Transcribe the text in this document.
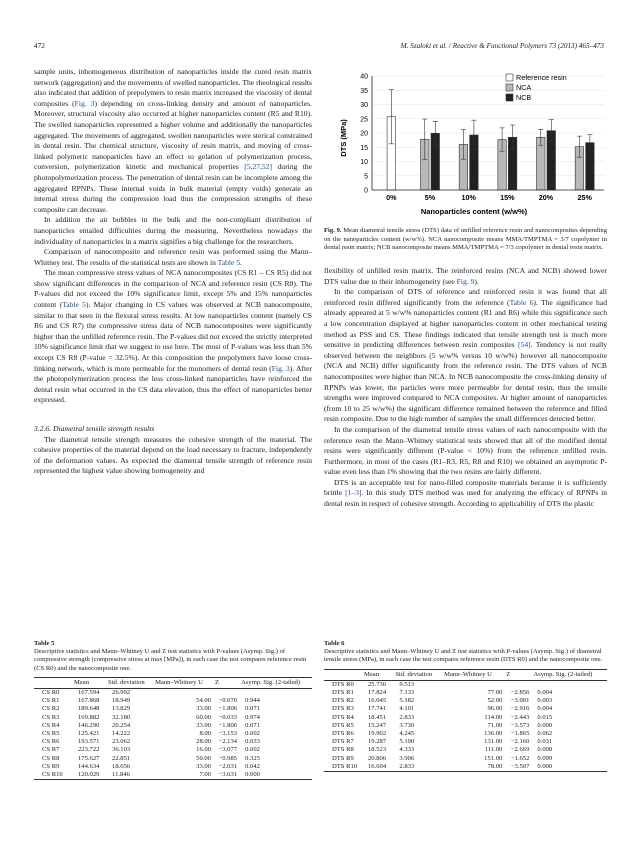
472	M. Szaloki et al. / Reactive & Functional Polymers 73 (2013) 465–473

sample units, inhomogeneous distribution of nanoparticles inside the cured resin matrix network (aggregation) and the movements of swelled nanoparticles. The rheological results also indicated that addition of prepolymers to resin matrix increased the viscosity of dental composites (Fig. 3) depending on cross-linking density and amount of nanoparticles. Moreover, structural viscosity also occurred at higher nanoparticles content (R5 and R10). The swelled nanoparticles represented a higher volume and additionally the nanoparticles aggregated. The movements of aggregated, swollen nanoparticles were sterical constrained in dental resin. The chemical structure, viscosity of resin matrix, and moving of cross-linked polymeric nanoparticles have an effect to gelation of polymerization process, conversion, polymerization kinetic and mechanical properties [5,27,52] during the photopolymerization process. The penetration of dental resin can be incomplete among the aggregated RPNPs. These internal voids in bulk material (empty voids) generate an internal stress during the compression load thus the compression strengths of these composite can decrease.

In addition the air bubbles in the bulk and the non-compliant distribution of nanoparticles entailed difficulties during the measuring. Nevertheless nowadays the individuality of nanoparticles in a matrix signifies a big challenge for the researchers.

Comparison of nanocomposite and reference resin was performed using the Mann–Whitney test. The results of the statistical tests are shown in Table 5.

The mean compressive stress values of NCA nanocomposites (CS R1 – CS R5) did not show significant differences in the comparison of NCA and reference resin (CS R0). The P-values did not exceed the 10% significance limit, except 5% and 15% nanoparticles content (Table 5). Major changing in CS values was observed at NCB nanocomposite, similar to that seen in the flexural stress results. At low nanoparticles content (namely CS R6 and CS R7) the compressive stress data of NCB nanocomposites were significantly higher than the unfilled reference resin. The P-values did not exceed the strictly interpreted 10% significance limit that we suggest to use here. The most of P-values was less than 5% except CS R8 (P-value = 32.5%). At this composition the prepolymers have loose cross-linking network, which is more permeable for the monomers of dental resin (Fig. 3). After the photopolymerization process the less cross-linked nanoparticles have reinforced the dental resin what occurred in the CS data elevation, thus the effect of nanoparticles better expressed.

3.2.6. Diametral tensile strength results

The diametral tensile strength measures the cohesive strength of the material. The cohesive properties of the material depend on the load necessary to fracture, independently of the deformation values. As expected the diametral tensile strength of reference resin represented the highest value showing homogeneity and

0
5
10
15
20
25
30
35
40
0%	5%	10%	15%	20%	25%
DTS (MPa)
Nanoparticles content (w/w%)
Reference resin
NCA
NCB
Fig. 9. Mean diametral tensile stress (DTS) data of unfilled reference resin and nanocomposites depending on the nanoparticles content (w/w%). NCA nanocomposite means MMA/TMPTMA = 3/7 copolymer in dental resin matrix; NCB nanocomposite means MMA/TMPTMA = 7/3 copolymer in dental resin matrix.

flexibility of unfilled resin matrix. The reinforced resins (NCA and NCB) showed lower DTS value due to their inhomogeneity (see Fig. 9).

In the comparison of DTS of reference and reinforced resin it was found that all reinforced resin differed significantly from the reference (Table 6). The significance had already appeared at 5 w/w% nanoparticles content (R1 and R6) while this significance such a low concentration displayed at higher nanoparticles content in other mechanical testing method as PSS and CS. These findings indicated that tensile strength test is much more sensitive in predicting differences between resin composites [54]. Tendency is not really observed between the neighbors (5 w/w% versus 10 w/w%) however all nanocomposite (NCA and NCB) differ significantly from the reference resin. The DTS values of NCB nanocomposites were higher than NCA. In NCB nanocomposite the cross-linking density of RPNPs was lower, the particles were more permeable for dental resin, thus the tensile strengths were improved compared to NCA composites. At higher amount of nanoparticles (from 10 to 25 w/w%) the significant difference remained between the reference and filled resin composite. Due to the high number of samples the small differences detected better.

In the comparison of the diametral tensile stress values of each nanocomposite with the reference resin the Mann–Whitney statistical tests showed that all of the modified dental resins were significantly different (P-value < 10%) from the reference unfilled resin. Furthermore, in most of the cases (R1–R3, R5, R8 and R10) we obtained an asymptotic P-value even less than 1% showing that the two resins are fairly different.

DTS is an acceptable test for nano-filled composite materials because it is sufficiently brittle [1–3]. In this study DTS method was used for analyzing the efficacy of RPNPs in dental resin in respect of cohesive strength. According to applicability of DTS the plastic

Table 5
Descriptive statistics and Mann–Whitney U and Z test statistics with P-values (Asymp. Sig.) of compressive strength (compressive stress at max [MPa]), in each case the test compares reference resin (CS R0) and the nanocomposite one.
	Mean	Std. deviation	Mann–Whitney U	Z	Asymp. Sig. (2-tailed)
CS R0	167.594	26.992			
CS R1	167.868	18.949	54.00	−0.070	0.944
CS R2	189.648	13.829	33.00	−1.806	0.071
CS R3	169.882	32.180	60.00	−0.033	0.974
CS R4	146.290	20.254	33.00	−1.806	0.071
CS R5	125.421	14.222	8.00	−3.153	0.002
CS R6	193.571	23.062	28.00	−2.134	0.033
CS R7	223.722	36.103	16.00	−3.077	0.002
CS R8	175.627	22.851	50.00	−0.985	0.325
CS R9	144.634	18.656	33.00	−2.031	0.042
CS R10	120.029	11.846	7.00	−3.631	0.000
Table 6
Descriptive statistics and Mann–Whitney U and Z test statistics with P-values (Asymp. Sig.) of diametral tensile stress (MPa), in each case the test compares reference resin (DTS R0) and the nanocomposite one.
	Mean	Std. deviation	Mann–Whitney U	Z	Asymp. Sig. (2-tailed)
DTS R0	25.736	9.513			
DTS R1	17.824	7.133	77.00	−2.856	0.004
DTS R2	16.045	5.182	52.00	−3.001	0.003
DTS R3	17.741	4.101	96.00	−2.916	0.004
DTS R4	18.451	2.833	114.00	−2.443	0.015
DTS R5	15.247	3.730	71.00	−3.573	0.000
DTS R6	19.902	4.245	136.00	−1.865	0.062
DTS R7	19.287	5.190	131.00	−2.160	0.031
DTS R8	18.523	4.333	111.00	−2.669	0.008
DTS R9	20.806	3.906	151.00	−1.652	0.099
DTS R10	16.604	2.833	78.00	−3.507	0.000
